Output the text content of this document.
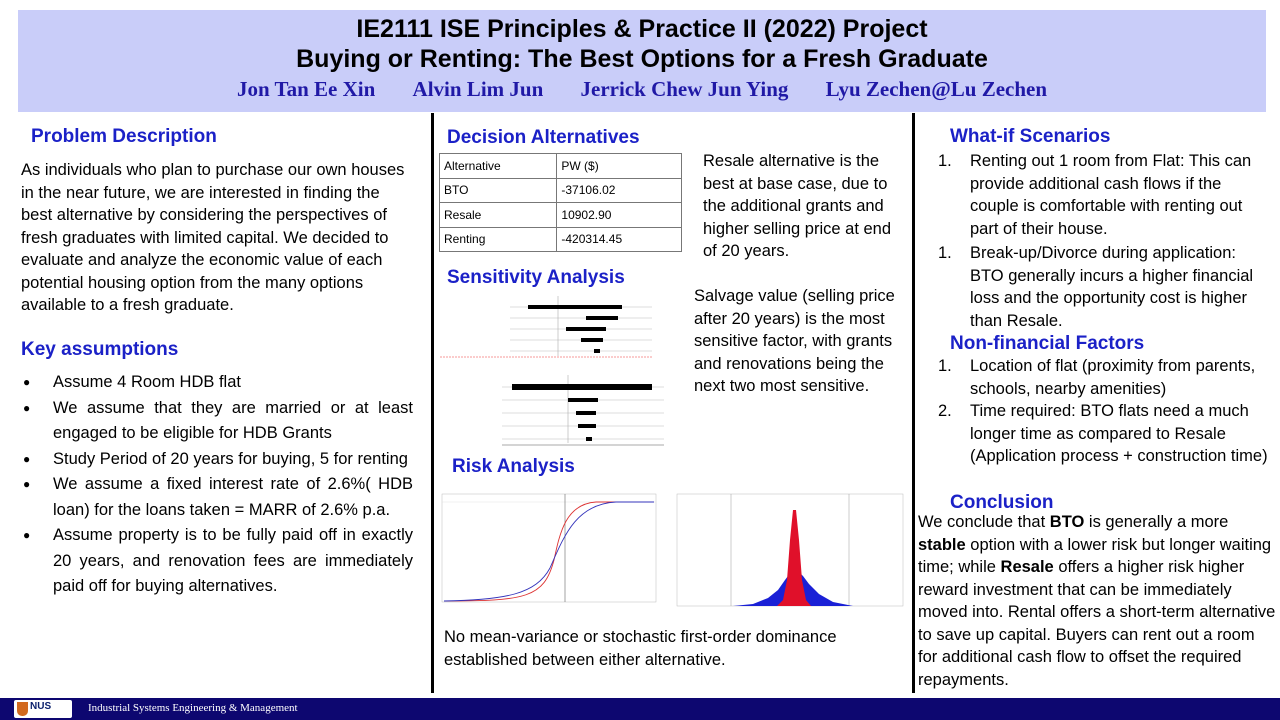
IE2111 ISE Principles & Practice II (2022) Project
Buying or Renting: The Best Options for a Fresh Graduate
Jon Tan Ee Xin Alvin Lim Jun Jerrick Chew Jun Ying Lyu Zechen@Lu Zechen
Problem Description
As individuals who plan to purchase our own houses in the near future, we are interested in finding the best alternative by considering the perspectives of fresh graduates with limited capital. We decided to evaluate and analyze the economic value of each potential housing option from the many options available to a fresh graduate.
Key assumptions
● Assume 4 Room HDB flat
● We assume that they are married or at least engaged to be eligible for HDB Grants
● Study Period of 20 years for buying, 5 for renting
● We assume a fixed interest rate of 2.6%( HDB loan) for the loans taken = MARR of 2.6% p.a.
● Assume property is to be fully paid off in exactly 20 years, and renovation fees are immediately paid off for buying alternatives.
Decision Alternatives
Alternative	PW ($)
BTO	-37106.02
Resale	10902.90
Renting	-420314.45
Resale alternative is the best at base case, due to the additional grants and higher selling price at end of 20 years.
Sensitivity Analysis
Salvage value (selling price after 20 years) is the most sensitive factor, with grants and renovations being the next two most sensitive.
Risk Analysis
No mean-variance or stochastic first-order dominance established between either alternative.
What-if Scenarios
1. Renting out 1 room from Flat: This can provide additional cash flows if the couple is comfortable with renting out part of their house.
1. Break-up/Divorce during application: BTO generally incurs a higher financial loss and the opportunity cost is higher than Resale.
Non-financial Factors
1. Location of flat (proximity from parents, schools, nearby amenities)
2. Time required: BTO flats need a much longer time as compared to Resale (Application process + construction time)
Conclusion
We conclude that BTO is generally a more stable option with a lower risk but longer waiting time; while Resale offers a higher risk higher reward investment that can be immediately moved into. Rental offers a short-term alternative to save up capital. Buyers can rent out a room for additional cash flow to offset the required repayments.
NUS	Industrial Systems Engineering & Management
